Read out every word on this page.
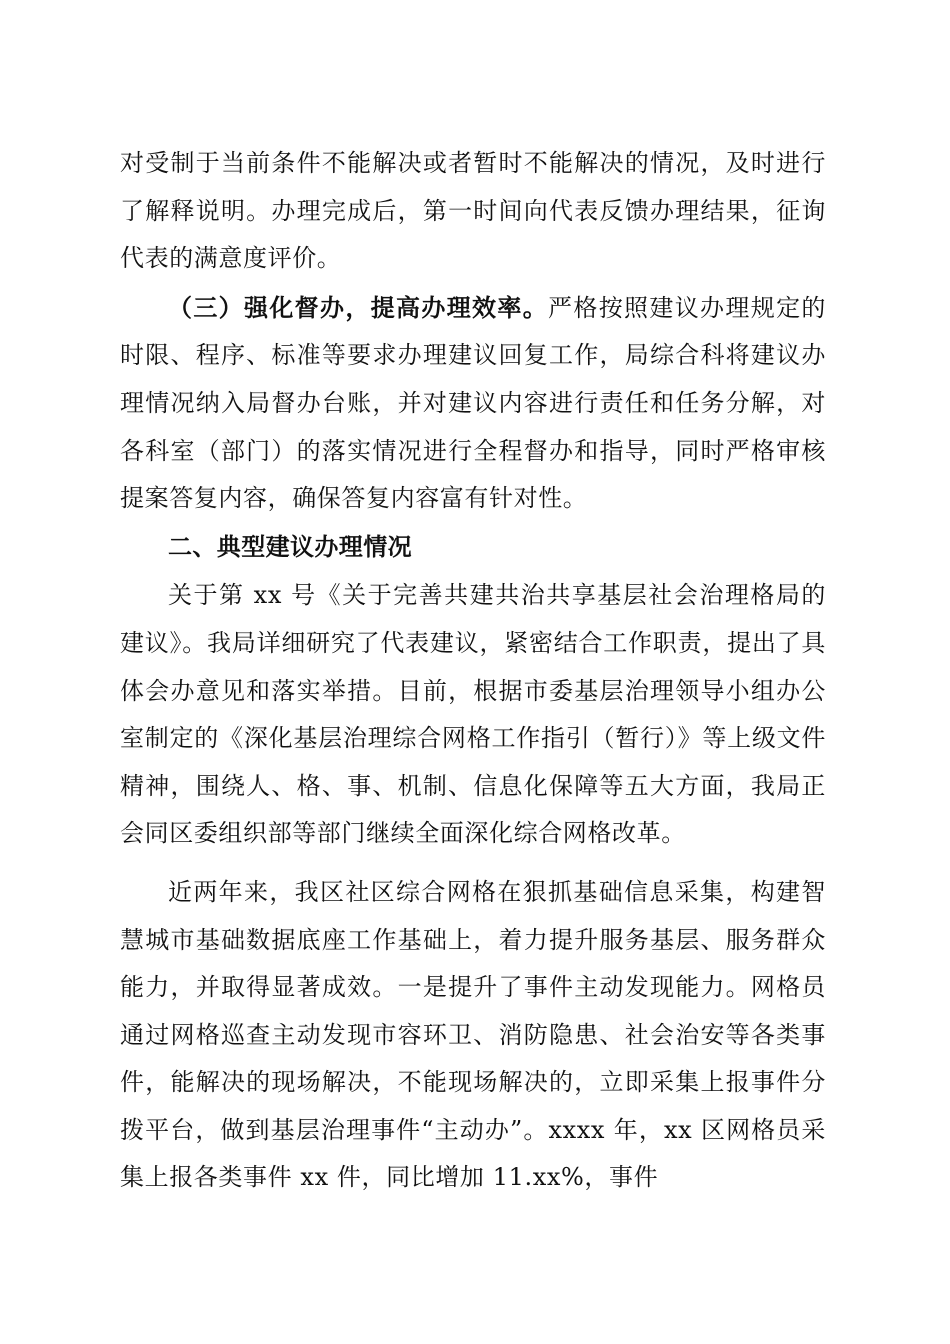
对受制于当前条件不能解决或者暂时不能解决的情况，及时进行了解释说明。办理完成后，第一时间向代表反馈办理结果，征询代表的满意度评价。

（三）强化督办，提高办理效率。严格按照建议办理规定的时限、程序、标准等要求办理建议回复工作，局综合科将建议办理情况纳入局督办台账，并对建议内容进行责任和任务分解，对各科室（部门）的落实情况进行全程督办和指导，同时严格审核提案答复内容，确保答复内容富有针对性。

二、典型建议办理情况

关于第 xx 号《关于完善共建共治共享基层社会治理格局的建议》。我局详细研究了代表建议，紧密结合工作职责，提出了具体会办意见和落实举措。目前，根据市委基层治理领导小组办公室制定的《深化基层治理综合网格工作指引（暂行）》等上级文件精神，围绕人、格、事、机制、信息化保障等五大方面，我局正会同区委组织部等部门继续全面深化综合网格改革。

近两年来，我区社区综合网格在狠抓基础信息采集，构建智慧城市基础数据底座工作基础上，着力提升服务基层、服务群众能力，并取得显著成效。一是提升了事件主动发现能力。网格员通过网格巡查主动发现市容环卫、消防隐患、社会治安等各类事件，能解决的现场解决，不能现场解决的，立即采集上报事件分拨平台，做到基层治理事件“主动办”。xxxx 年，xx 区网格员采集上报各类事件 xx 件，同比增加 11.xx%，事件
